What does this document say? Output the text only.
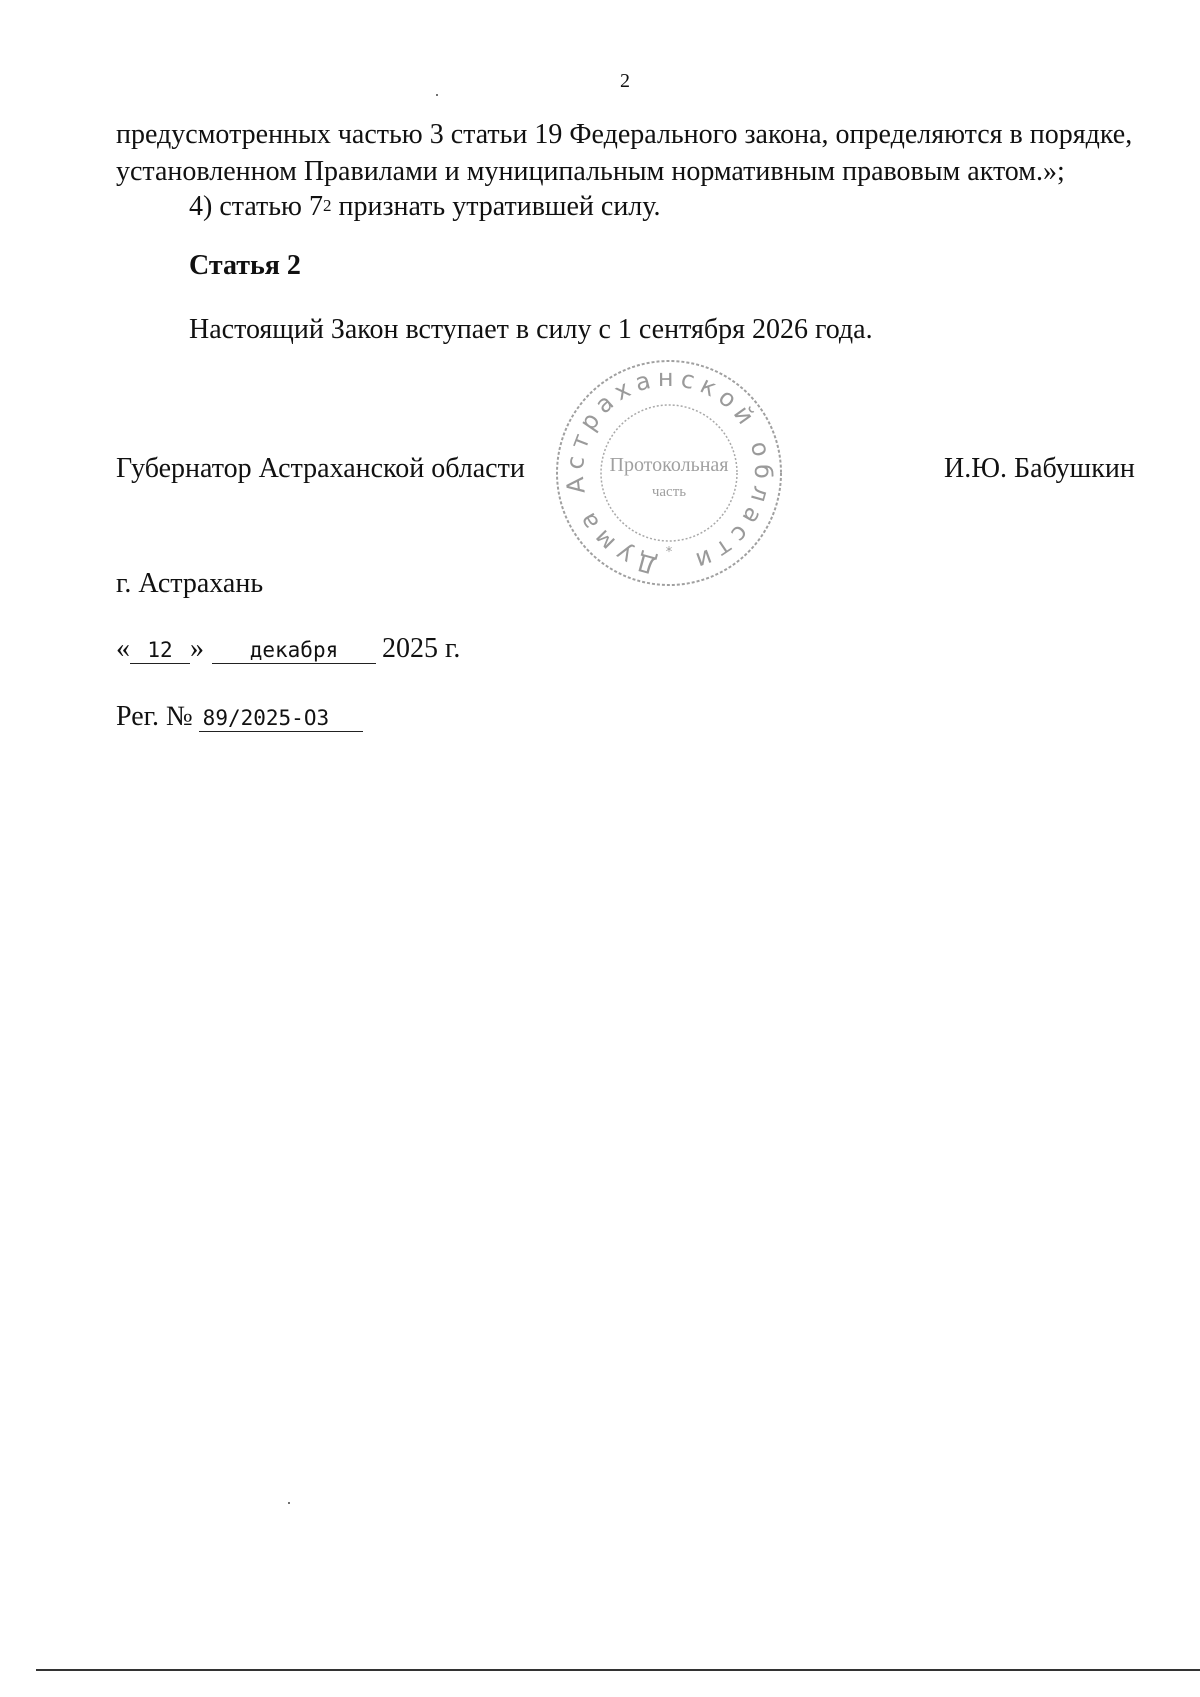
2
предусмотренных частью 3 статьи 19 Федерального закона, определяются в порядке,
установленном Правилами и муниципальным нормативным правовым актом.»;
4) статью $7^2$ признать утратившей силу.
Статья 2
Настоящий Закон вступает в силу с 1 сентября 2026 года.
Губернатор Астраханской области	И.Ю. Бабушкин
Дума Астраханской области
Протокольная
часть
*
г. Астрахань
« 12 » декабря 2025 г.
Рег. № 89/2025-ОЗ
